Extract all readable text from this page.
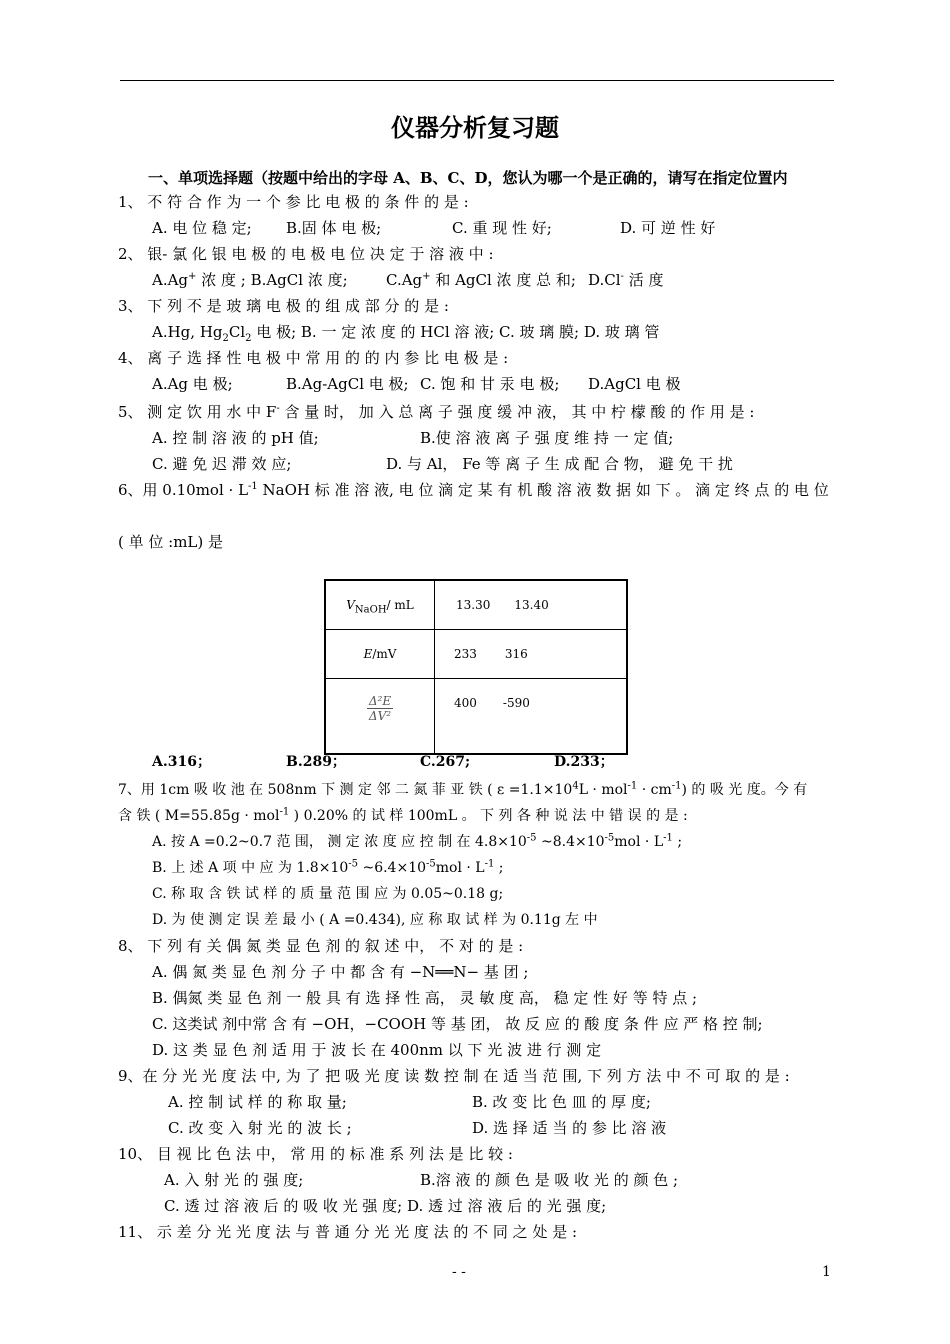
仪器分析复习题
一、单项选择题（按题中给出的字母 A、B、C、D，您认为哪一个是正确的，请写在指定位置内
1、 不 符 合 作 为 一 个 参 比 电 极 的 条 件 的 是 :
A. 电 位 稳 定; B.固 体 电 极;	C. 重 现 性 好;	D. 可 逆 性 好
2、 银- 氯 化 银 电 极 的 电 极 电 位 决 定 于 溶 液 中 :
A.Ag+ 浓 度 ; B.AgCl 浓 度;	C.Ag+ 和 AgCl 浓 度 总 和; D.Cl- 活 度
3、 下 列 不 是 玻 璃 电 极 的 组 成 部 分 的 是 :
A.Hg, $Hg_2Cl_2$ 电 极; B. 一 定 浓 度 的 HCl 溶 液; C. 玻 璃 膜; D. 玻 璃 管
4、 离 子 选 择 性 电 极 中 常 用 的 的 内 参 比 电 极 是 :
A.Ag 电 极;	B.Ag-AgCl 电 极; C. 饱 和 甘 汞 电 极; D.AgCl 电 极
5、 测 定 饮 用 水 中 F- 含 量 时， 加 入 总 离 子 强 度 缓 冲 液， 其 中 柠 檬 酸 的 作 用 是 :
A. 控 制 溶 液 的 pH 值;	B.使 溶 液 离 子 强 度 维 持 一 定 值;
C. 避 免 迟 滞 效 应;	D. 与 Al， Fe 等 离 子 生 成 配 合 物， 避 免 干 扰
6、用 $0.10mol \cdot L^{-1}$ NaOH 标 准 溶 液, 电 位 滴 定 某 有 机 酸 溶 液 数 据 如 下 。 滴 定 终 点 的 电 位
( 单 位 :mL) 是
$V_{NaOH}/$ mL	13.30 13.40

E/mV	233 316

$\frac{\text{Δ²E}}{\text{ΔV²}}$	400 -590
A.316；	B.289；	C.267;	D.233；
7、用 1cm 吸 收 池 在 508nm 下 测 定 邻 二 氮 菲 亚 铁 ( $\varepsilon =1.1\times 10^4L \cdot mol^{-1} \cdot cm^{-1}$) 的 吸 光 度。今 有
含 铁 ( M=55.85g · mol$^{-1}$ ) 0.20% 的 试 样 100mL 。 下 列 各 种 说 法 中 错 误 的 是 :
A. 按 A =0.2~0.7 范 围， 测 定 浓 度 应 控 制 在 $4.8\times 10^{-5}$ $\sim 8.4\times 10^{-5}mol \cdot L^{-1}$ ;
B. 上 述 A 项 中 应 为 $1.8\times 10^{-5}$ $\sim 6.4\times 10^{-5}mol \cdot L^{-1}$ ;
C. 称 取 含 铁 试 样 的 质 量 范 围 应 为 0.05~0.18 g;
D. 为 使 测 定 误 差 最 小 ( A =0.434), 应 称 取 试 样 为 0.11g 左 中
8、 下 列 有 关 偶 氮 类 显 色 剂 的 叙 述 中， 不 对 的 是 :
A. 偶 氮 类 显 色 剂 分 子 中 都 含 有 −N══N− 基 团 ;
B. 偶氮 类 显 色 剂 一 般 具 有 选 择 性 高， 灵 敏 度 高， 稳 定 性 好 等 特 点 ;
C. 这类试 剂中常 含 有 −OH，−COOH 等 基 团， 故 反 应 的 酸 度 条 件 应 严 格 控 制;
D. 这 类 显 色 剂 适 用 于 波 长 在 400nm 以 下 光 波 进 行 测 定
9、在 分 光 光 度 法 中, 为 了 把 吸 光 度 读 数 控 制 在 适 当 范 围, 下 列 方 法 中 不 可 取 的 是 :
A. 控 制 试 样 的 称 取 量;	B. 改 变 比 色 皿 的 厚 度;
C. 改 变 入 射 光 的 波 长 ;	D. 选 择 适 当 的 参 比 溶 液
10、 目 视 比 色 法 中， 常 用 的 标 准 系 列 法 是 比 较 :
A. 入 射 光 的 强 度;	B.溶 液 的 颜 色 是 吸 收 光 的 颜 色 ;
C. 透 过 溶 液 后 的 吸 收 光 强 度; D. 透 过 溶 液 后 的 光 强 度;
11、 示 差 分 光 光 度 法 与 普 通 分 光 光 度 法 的 不 同 之 处 是 :
- -	1
